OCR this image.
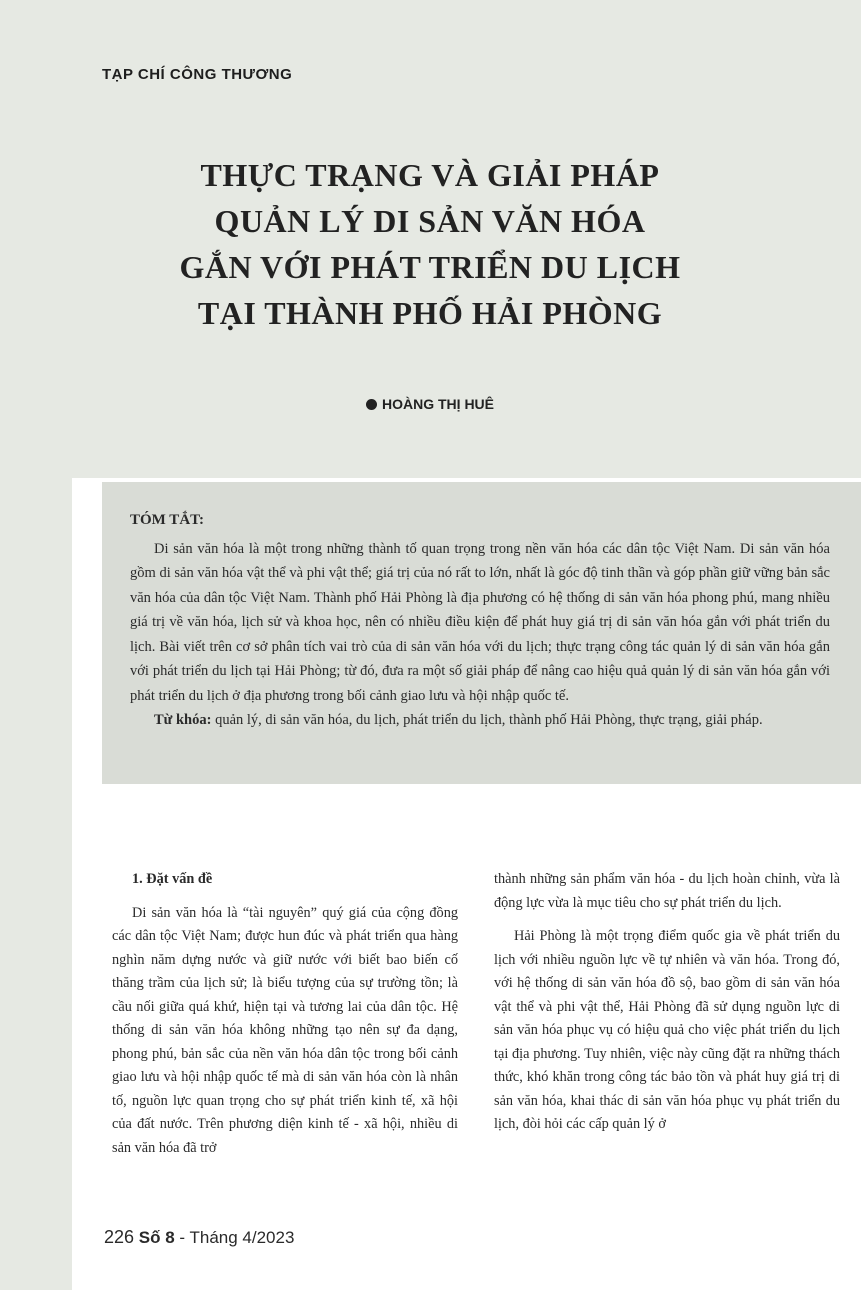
TẠP CHÍ CÔNG THƯƠNG
THỰC TRẠNG VÀ GIẢI PHÁP
QUẢN LÝ DI SẢN VĂN HÓA
GẮN VỚI PHÁT TRIỂN DU LỊCH
TẠI THÀNH PHỐ HẢI PHÒNG
HOÀNG THỊ HUÊ
TÓM TẮT:

Di sản văn hóa là một trong những thành tố quan trọng trong nền văn hóa các dân tộc Việt Nam. Di sản văn hóa gồm di sản văn hóa vật thể và phi vật thể; giá trị của nó rất to lớn, nhất là góc độ tinh thần và góp phần giữ vững bản sắc văn hóa của dân tộc Việt Nam. Thành phố Hải Phòng là địa phương có hệ thống di sản văn hóa phong phú, mang nhiều giá trị về văn hóa, lịch sử và khoa học, nên có nhiều điều kiện để phát huy giá trị di sản văn hóa gắn với phát triển du lịch. Bài viết trên cơ sở phân tích vai trò của di sản văn hóa với du lịch; thực trạng công tác quản lý di sản văn hóa gắn với phát triển du lịch tại Hải Phòng; từ đó, đưa ra một số giải pháp để nâng cao hiệu quả quản lý di sản văn hóa gắn với phát triển du lịch ở địa phương trong bối cảnh giao lưu và hội nhập quốc tế.

Từ khóa: quản lý, di sản văn hóa, du lịch, phát triển du lịch, thành phố Hải Phòng, thực trạng, giải pháp.

1. Đặt vấn đề

Di sản văn hóa là “tài nguyên” quý giá của cộng đồng các dân tộc Việt Nam; được hun đúc và phát triển qua hàng nghìn năm dựng nước và giữ nước với biết bao biến cố thăng trầm của lịch sử; là biểu tượng của sự trường tồn; là cầu nối giữa quá khứ, hiện tại và tương lai của dân tộc. Hệ thống di sản văn hóa không những tạo nên sự đa dạng, phong phú, bản sắc của nền văn hóa dân tộc trong bối cảnh giao lưu và hội nhập quốc tế mà di sản văn hóa còn là nhân tố, nguồn lực quan trọng cho sự phát triển kinh tế, xã hội của đất nước. Trên phương diện kinh tế - xã hội, nhiều di sản văn hóa đã trở

thành những sản phẩm văn hóa - du lịch hoàn chỉnh, vừa là động lực vừa là mục tiêu cho sự phát triển du lịch.

Hải Phòng là một trọng điểm quốc gia về phát triển du lịch với nhiều nguồn lực về tự nhiên và văn hóa. Trong đó, với hệ thống di sản văn hóa đồ sộ, bao gồm di sản văn hóa vật thể và phi vật thể, Hải Phòng đã sử dụng nguồn lực di sản văn hóa phục vụ có hiệu quả cho việc phát triển du lịch tại địa phương. Tuy nhiên, việc này cũng đặt ra những thách thức, khó khăn trong công tác bảo tồn và phát huy giá trị di sản văn hóa, khai thác di sản văn hóa phục vụ phát triển du lịch, đòi hỏi các cấp quản lý ở

226 Số 8 - Tháng 4/2023
